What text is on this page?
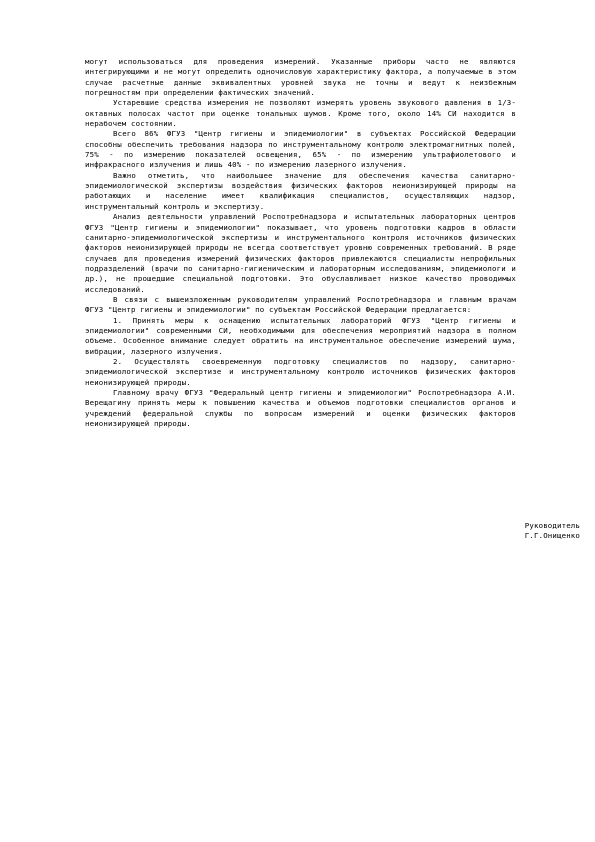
могут использоваться для проведения измерений. Указанные приборы часто не являются интегрирующими и не могут определить одночисловую характеристику фактора, а получаемые в этом случае расчетные данные эквивалентных уровней звука не точны и ведут к неизбежным погрешностям при определении фактических значений.

Устаревшие средства измерения не позволяют измерять уровень звукового давления в 1/3-октавных полосах частот при оценке тональных шумов. Кроме того, около 14% СИ находится в нерабочем состоянии.

Всего 86% ФГУЗ "Центр гигиены и эпидемиологии" в субъектах Российской Федерации способны обеспечить требования надзора по инструментальному контролю электромагнитных полей, 75% - по измерению показателей освещения, 65% - по измерению ультрафиолетового и инфракрасного излучения и лишь 40% - по измерению лазерного излучения.

Важно отметить, что наибольшее значение для обеспечения качества санитарно-эпидемиологической экспертизы воздействия физических факторов неионизирующей природы на работающих и население имеет квалификация специалистов, осуществляющих надзор, инструментальный контроль и экспертизу.

Анализ деятельности управлений Роспотребнадзора и испытательных лабораторных центров ФГУЗ "Центр гигиены и эпидемиологии" показывает, что уровень подготовки кадров в области санитарно-эпидемиологической экспертизы и инструментального контроля источников физических факторов неионизирующей природы не всегда соответствует уровню современных требований. В ряде случаев для проведения измерений физических факторов привлекаются специалисты непрофильных подразделений (врачи по санитарно-гигиеническим и лабораторным исследованиям, эпидемиологи и др.), не прошедшие специальной подготовки. Это обуславливает низкое качество проводимых исследований.

В связи с вышеизложенным руководителям управлений Роспотребнадзора и главным врачам ФГУЗ "Центр гигиены и эпидемиологии" по субъектам Российской Федерации предлагается:

1. Принять меры к оснащению испытательных лабораторий ФГУЗ "Центр гигиены и эпидемиологии" современными СИ, необходимыми для обеспечения мероприятий надзора в полном объеме. Особенное внимание следует обратить на инструментальное обеспечение измерений шума, вибрации, лазерного излучения.

2. Осуществлять своевременную подготовку специалистов по надзору, санитарно-эпидемиологической экспертизе и инструментальному контролю источников физических факторов неионизирующей природы.

Главному врачу ФГУЗ "Федеральный центр гигиены и эпидемиологии" Роспотребнадзора А.И. Верещагину принять меры к повышению качества и объемов подготовки специалистов органов и учреждений федеральной службы по вопросам измерений и оценки физических факторов неионизирующей природы.

Руководитель
Г.Г.Онищенко
